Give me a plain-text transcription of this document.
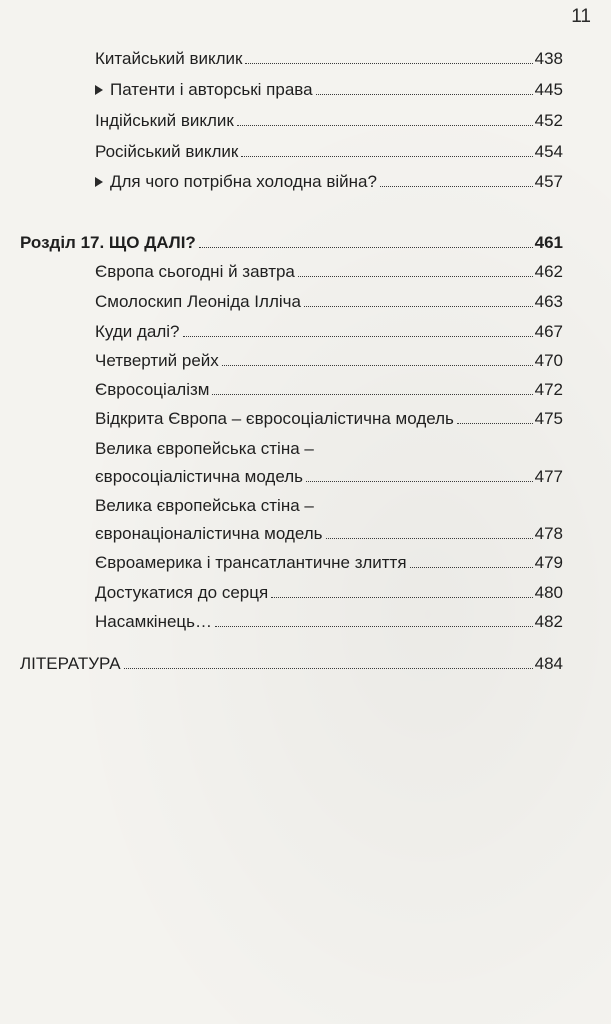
11
Китайський виклик	438
Патенти і авторські права	445
Індійський виклик	452
Російський виклик	454
Для чого потрібна холодна війна?	457
Розділ 17. ЩО ДАЛІ?	461
Європа сьогодні й завтра	462
Смолоскип Леоніда Ілліча	463
Куди далі?	467
Четвертий рейх	470
Євросоціалізм	472
Відкрита Європа – євросоціалістична модель	475
Велика європейська стіна –
євросоціалістична модель	477
Велика європейська стіна –
євронаціоналістична модель	478
Євроамерика і трансатлантичне злиття	479
Достукатися до серця	480
Насамкінець…	482
ЛІТЕРАТУРА	484
